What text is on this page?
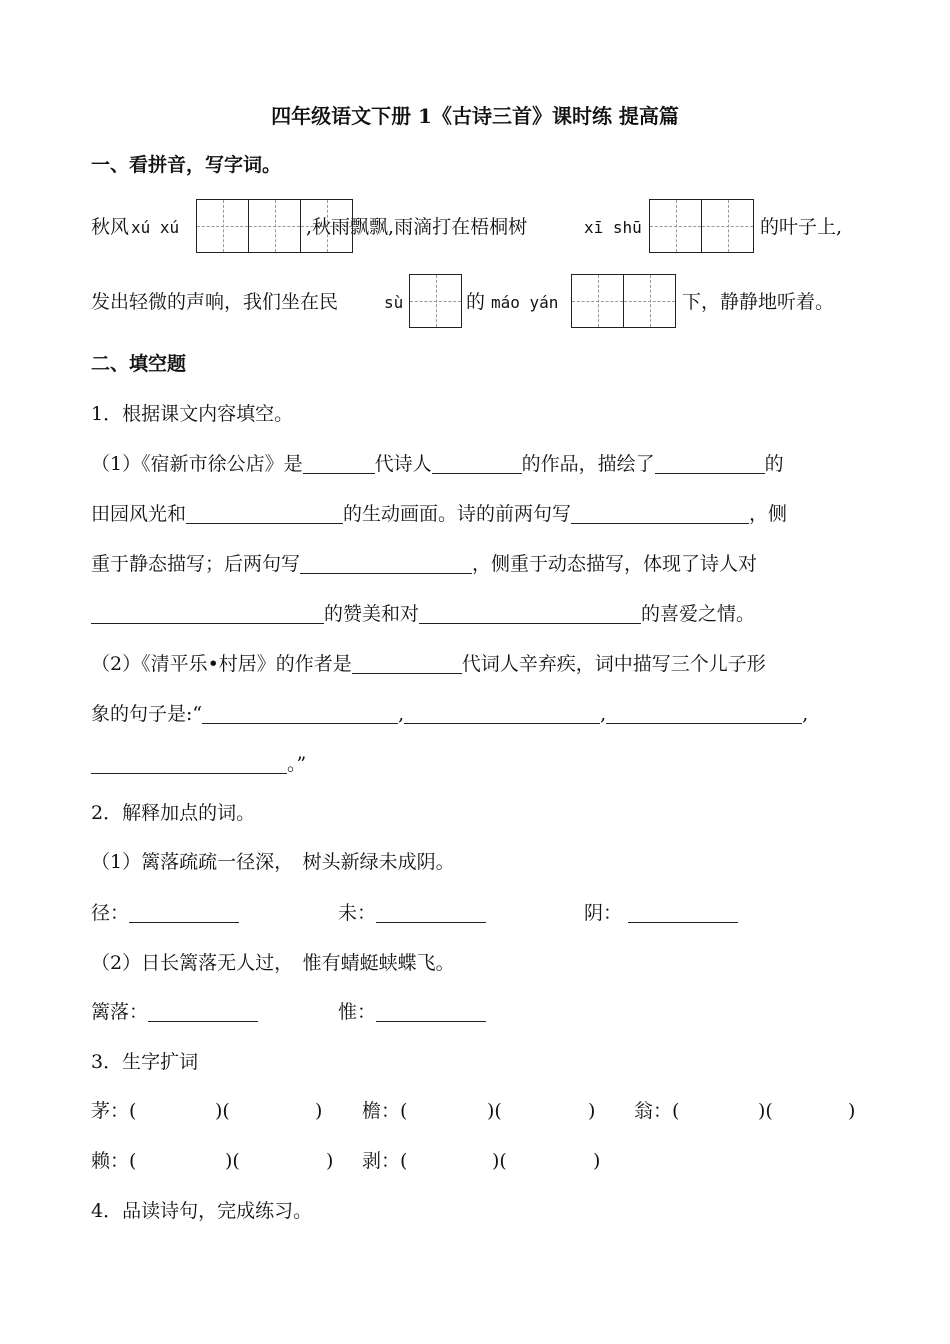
四年级语文下册 1《古诗三首》课时练 提高篇
一、看拼音，写字词。
秋风 xú xú	,秋雨飘飘,雨滴打在梧桐树	xī shū	的叶子上,
发出轻微的声响，我们坐在民	sù	的 máo yán	下，静静地听着。
二、填空题
1．根据课文内容填空。
（1）《宿新市徐公店》是	代诗人	的作品，描绘了	的
田园风光和	的生动画面。诗的前两句写	，侧
重于静态描写；后两句写	，侧重于动态描写，体现了诗人对
的赞美和对	的喜爱之情。
（2）《清平乐•村居》的作者是	代词人辛弃疾，词中描写三个儿子形
象的句子是:“	,	,	,
。”
2．解释加点的词。
（1）篱落疏疏一径深，　树头新绿未成阴。
径：	未：	阴：
（2）日长篱落无人过，　惟有蜻蜓蛱蝶飞。
篱落：	惟：
3．生字扩词
茅：(	)(	) 檐：(	)(	) 翁：(	)(	)
赖：(	)(	) 剥：(	)(	)
4．品读诗句，完成练习。
